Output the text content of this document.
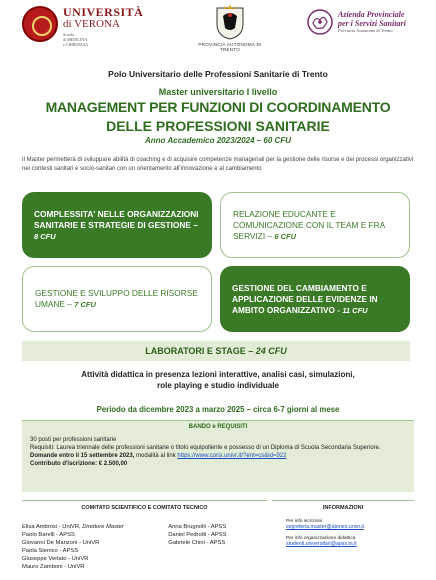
UNIVERSITÀ
di VERONA
Scuola
di MEDICINA
e CHIRURGIA	PROVINCIA AUTONOMA DI TRENTO
Azienda Provinciale
per i Servizi Sanitari
Provincia Autonoma di Trento
Polo Universitario delle Professioni Sanitarie di Trento
Master universitario I livello
MANAGEMENT PER FUNZIONI DI COORDINAMENTO
DELLE PROFESSIONI SANITARIE
Anno Accademico 2023/2024 – 60 CFU
Il Master permetterà di sviluppare abilità di coaching e di acquisire competenze manageriali per la gestione delle risorse e dei processi organizzativi nei contesti sanitari e socio-sanitari con un orientamento all'innovazione e al cambiamento
COMPLESSITA' NELLE ORGANIZZAZIONI SANITARIE E STRATEGIE DI GESTIONE – 8 CFU
RELAZIONE EDUCANTE E COMUNICAZIONE CON IL TEAM E FRA SERVIZI – 6 CFU
GESTIONE E SVILUPPO DELLE RISORSE UMANE – 7 CFU
GESTIONE DEL CAMBIAMENTO E APPLICAZIONE DELLE EVIDENZE IN AMBITO ORGANIZZATIVO - 11 CFU
LABORATORI E STAGE – 24 CFU
Attività didattica in presenza lezioni interattive, analisi casi, simulazioni,
role playing e studio individuale
Periodo da dicembre 2023 a marzo 2025 – circa 6-7 giorni al mese
BANDO e REQUISITI
30 posti per professioni sanitarie
Requisiti: Laurea triennale delle professioni sanitarie o titolo equipollente e possesso di un Diploma di Scuola Secondaria Superiore.
Domande entro il 15 settembre 2023, modalità al link https://www.corsi.univr.it/?ent=cs&id=922
Contributo d'iscrizione: € 2.500,00
COMITATO SCIENTIFICO E COMITATO TECNICO
Elisa Ambrosi - UniVR, Direttore Master
Paolo Barelli - APSS
Giovanni De Manzoni - UniVR
Paola Stenico - APSS
Giuseppe Verlato - UniVR
Mauro Zamboni - UniVR
Anna Brugnolli - APSS
Daniel Pedrotti - APSS
Gabriele Chini - APSS
INFORMAZIONI
Per info iscrizioni
segreteria.master@ateneo.univr.it
Per info organizzazione didattica
studenti.universitari@apss.tn.it
